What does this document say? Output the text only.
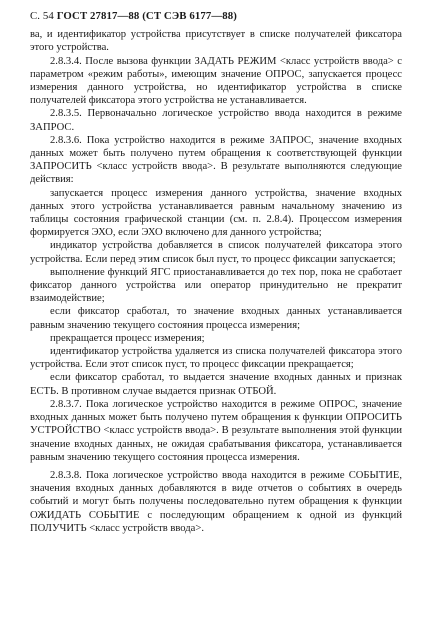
С. 54 ГОСТ 27817—88 (СТ СЭВ 6177—88)

ва, и идентификатор устройства присутствует в списке получателей фиксатора этого устройства.

2.8.3.4. После вызова функции ЗАДАТЬ РЕЖИМ <класс устройств ввода> с параметром «режим работы», имеющим значение ОПРОС, запускается процесс измерения данного устройства, но идентификатор устройства в списке получателей фиксатора этого устройства не устанавливается.

2.8.3.5. Первоначально логическое устройство ввода находится в режиме ЗАПРОС.

2.8.3.6. Пока устройство находится в режиме ЗАПРОС, значение входных данных может быть получено путем обращения к соответствующей функции ЗАПРОСИТЬ <класс устройств ввода>. В результате выполняются следующие действия:

запускается процесс измерения данного устройства, значение входных данных этого устройства устанавливается равным начальному значению из таблицы состояния графической станции (см. п. 2.8.4). Процессом измерения формируется ЭХО, если ЭХО включено для данного устройства;

индикатор устройства добавляется в список получателей фиксатора этого устройства. Если перед этим список был пуст, то процесс фиксации запускается;

выполнение функций ЯГС приостанавливается до тех пор, пока не сработает фиксатор данного устройства или оператор принудительно не прекратит взаимодействие;

если фиксатор сработал, то значение входных данных устанавливается равным значению текущего состояния процесса измерения;

прекращается процесс измерения;

идентификатор устройства удаляется из списка получателей фиксатора этого устройства. Если этот список пуст, то процесс фиксации прекращается;

если фиксатор сработал, то выдается значение входных данных и признак ЕСТЬ. В противном случае выдается признак ОТБОЙ.

2.8.3.7. Пока логическое устройство находится в режиме ОПРОС, значение входных данных может быть получено путем обращения к функции ОПРОСИТЬ УСТРОЙСТВО <класс устройств ввода>. В результате выполнения этой функции значение входных данных, не ожидая срабатывания фиксатора, устанавливается равным значению текущего состояния процесса измерения.

2.8.3.8. Пока логическое устройство ввода находится в режиме СОБЫТИЕ, значения входных данных добавляются в виде отчетов о событиях в очередь событий и могут быть получены последовательно путем обращения к функции ОЖИДАТЬ СОБЫТИЕ с последующим обращением к одной из функций ПОЛУЧИТЬ <класс устройств ввода>.
